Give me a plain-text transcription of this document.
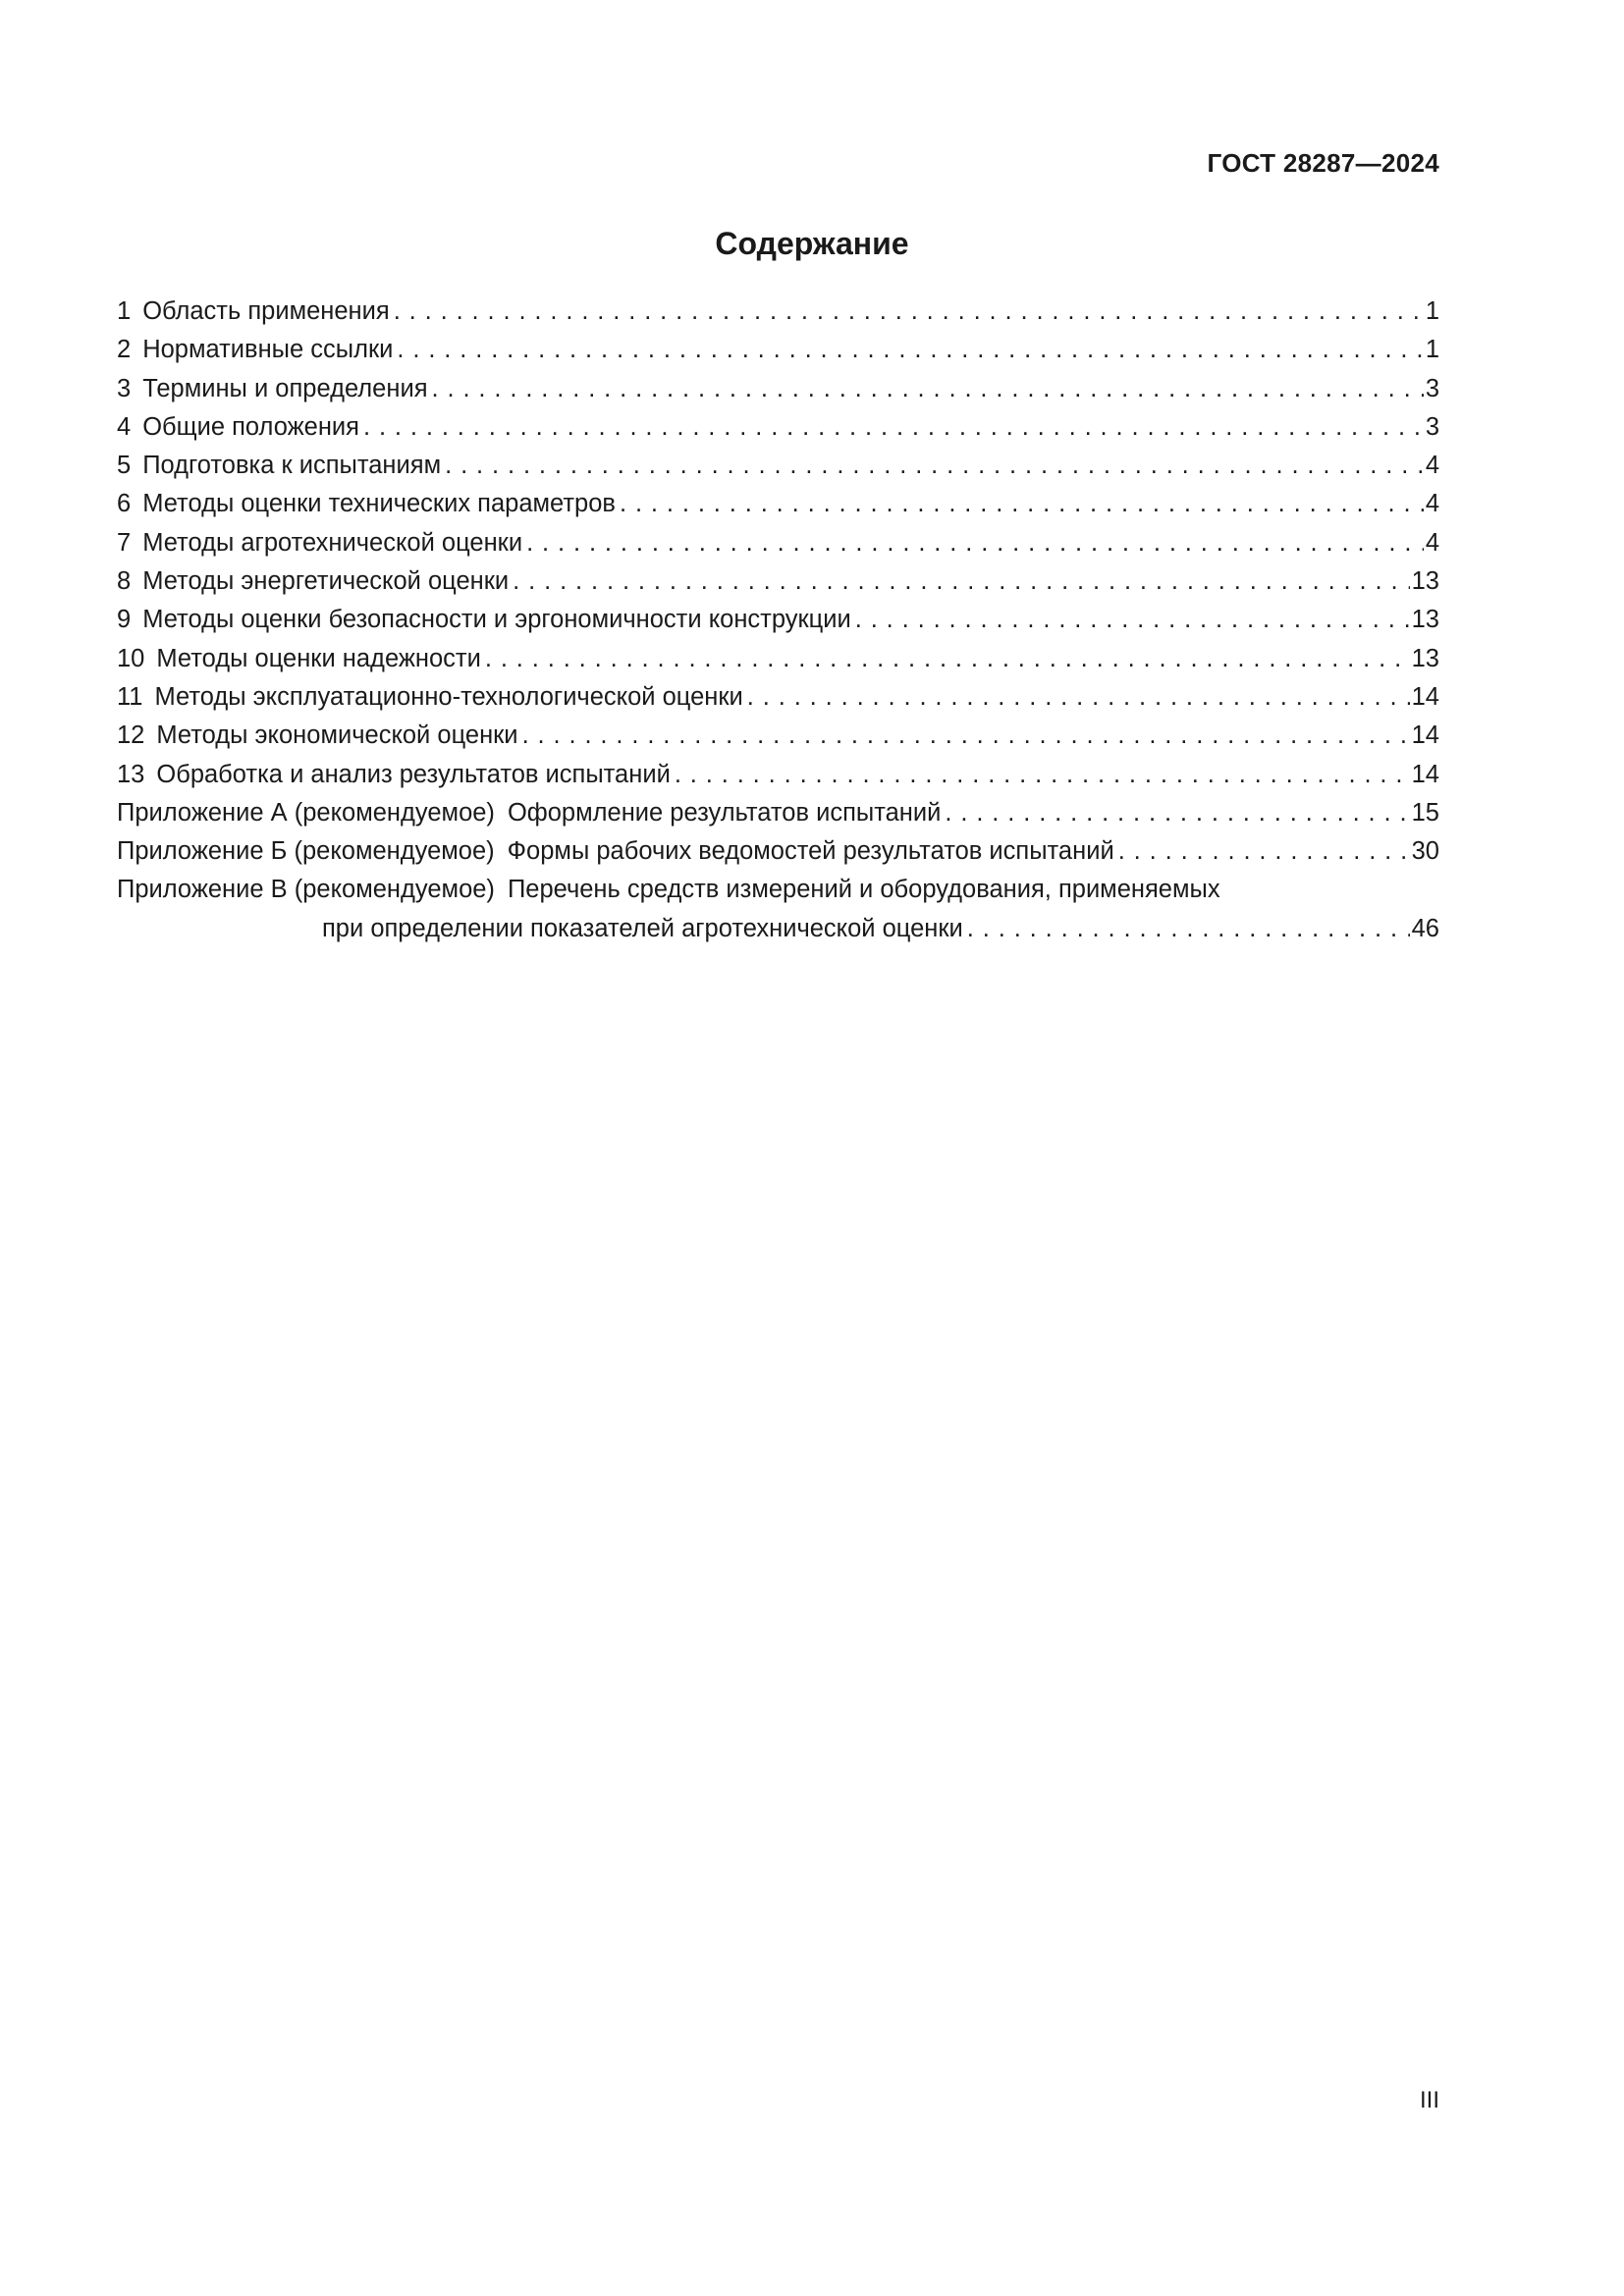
ГОСТ 28287—2024
Содержание
1 Область применения . . .	1
2 Нормативные ссылки . . .	1
3 Термины и определения . . .	3
4 Общие положения . . .	3
5 Подготовка к испытаниям . . .	4
6 Методы оценки технических параметров . . .	4
7 Методы агротехнической оценки . . .	4
8 Методы энергетической оценки . . .	13
9 Методы оценки безопасности и эргономичности конструкции . . .	13
10 Методы оценки надежности . . .	13
11 Методы эксплуатационно-технологической оценки . . .	14
12 Методы экономической оценки . . .	14
13 Обработка и анализ результатов испытаний . . .	14
Приложение А (рекомендуемое) Оформление результатов испытаний . . .	15
Приложение Б (рекомендуемое) Формы рабочих ведомостей результатов испытаний . . .	30
Приложение В (рекомендуемое) Перечень средств измерений и оборудования, применяемых
при определении показателей агротехнической оценки . . .	46
III
